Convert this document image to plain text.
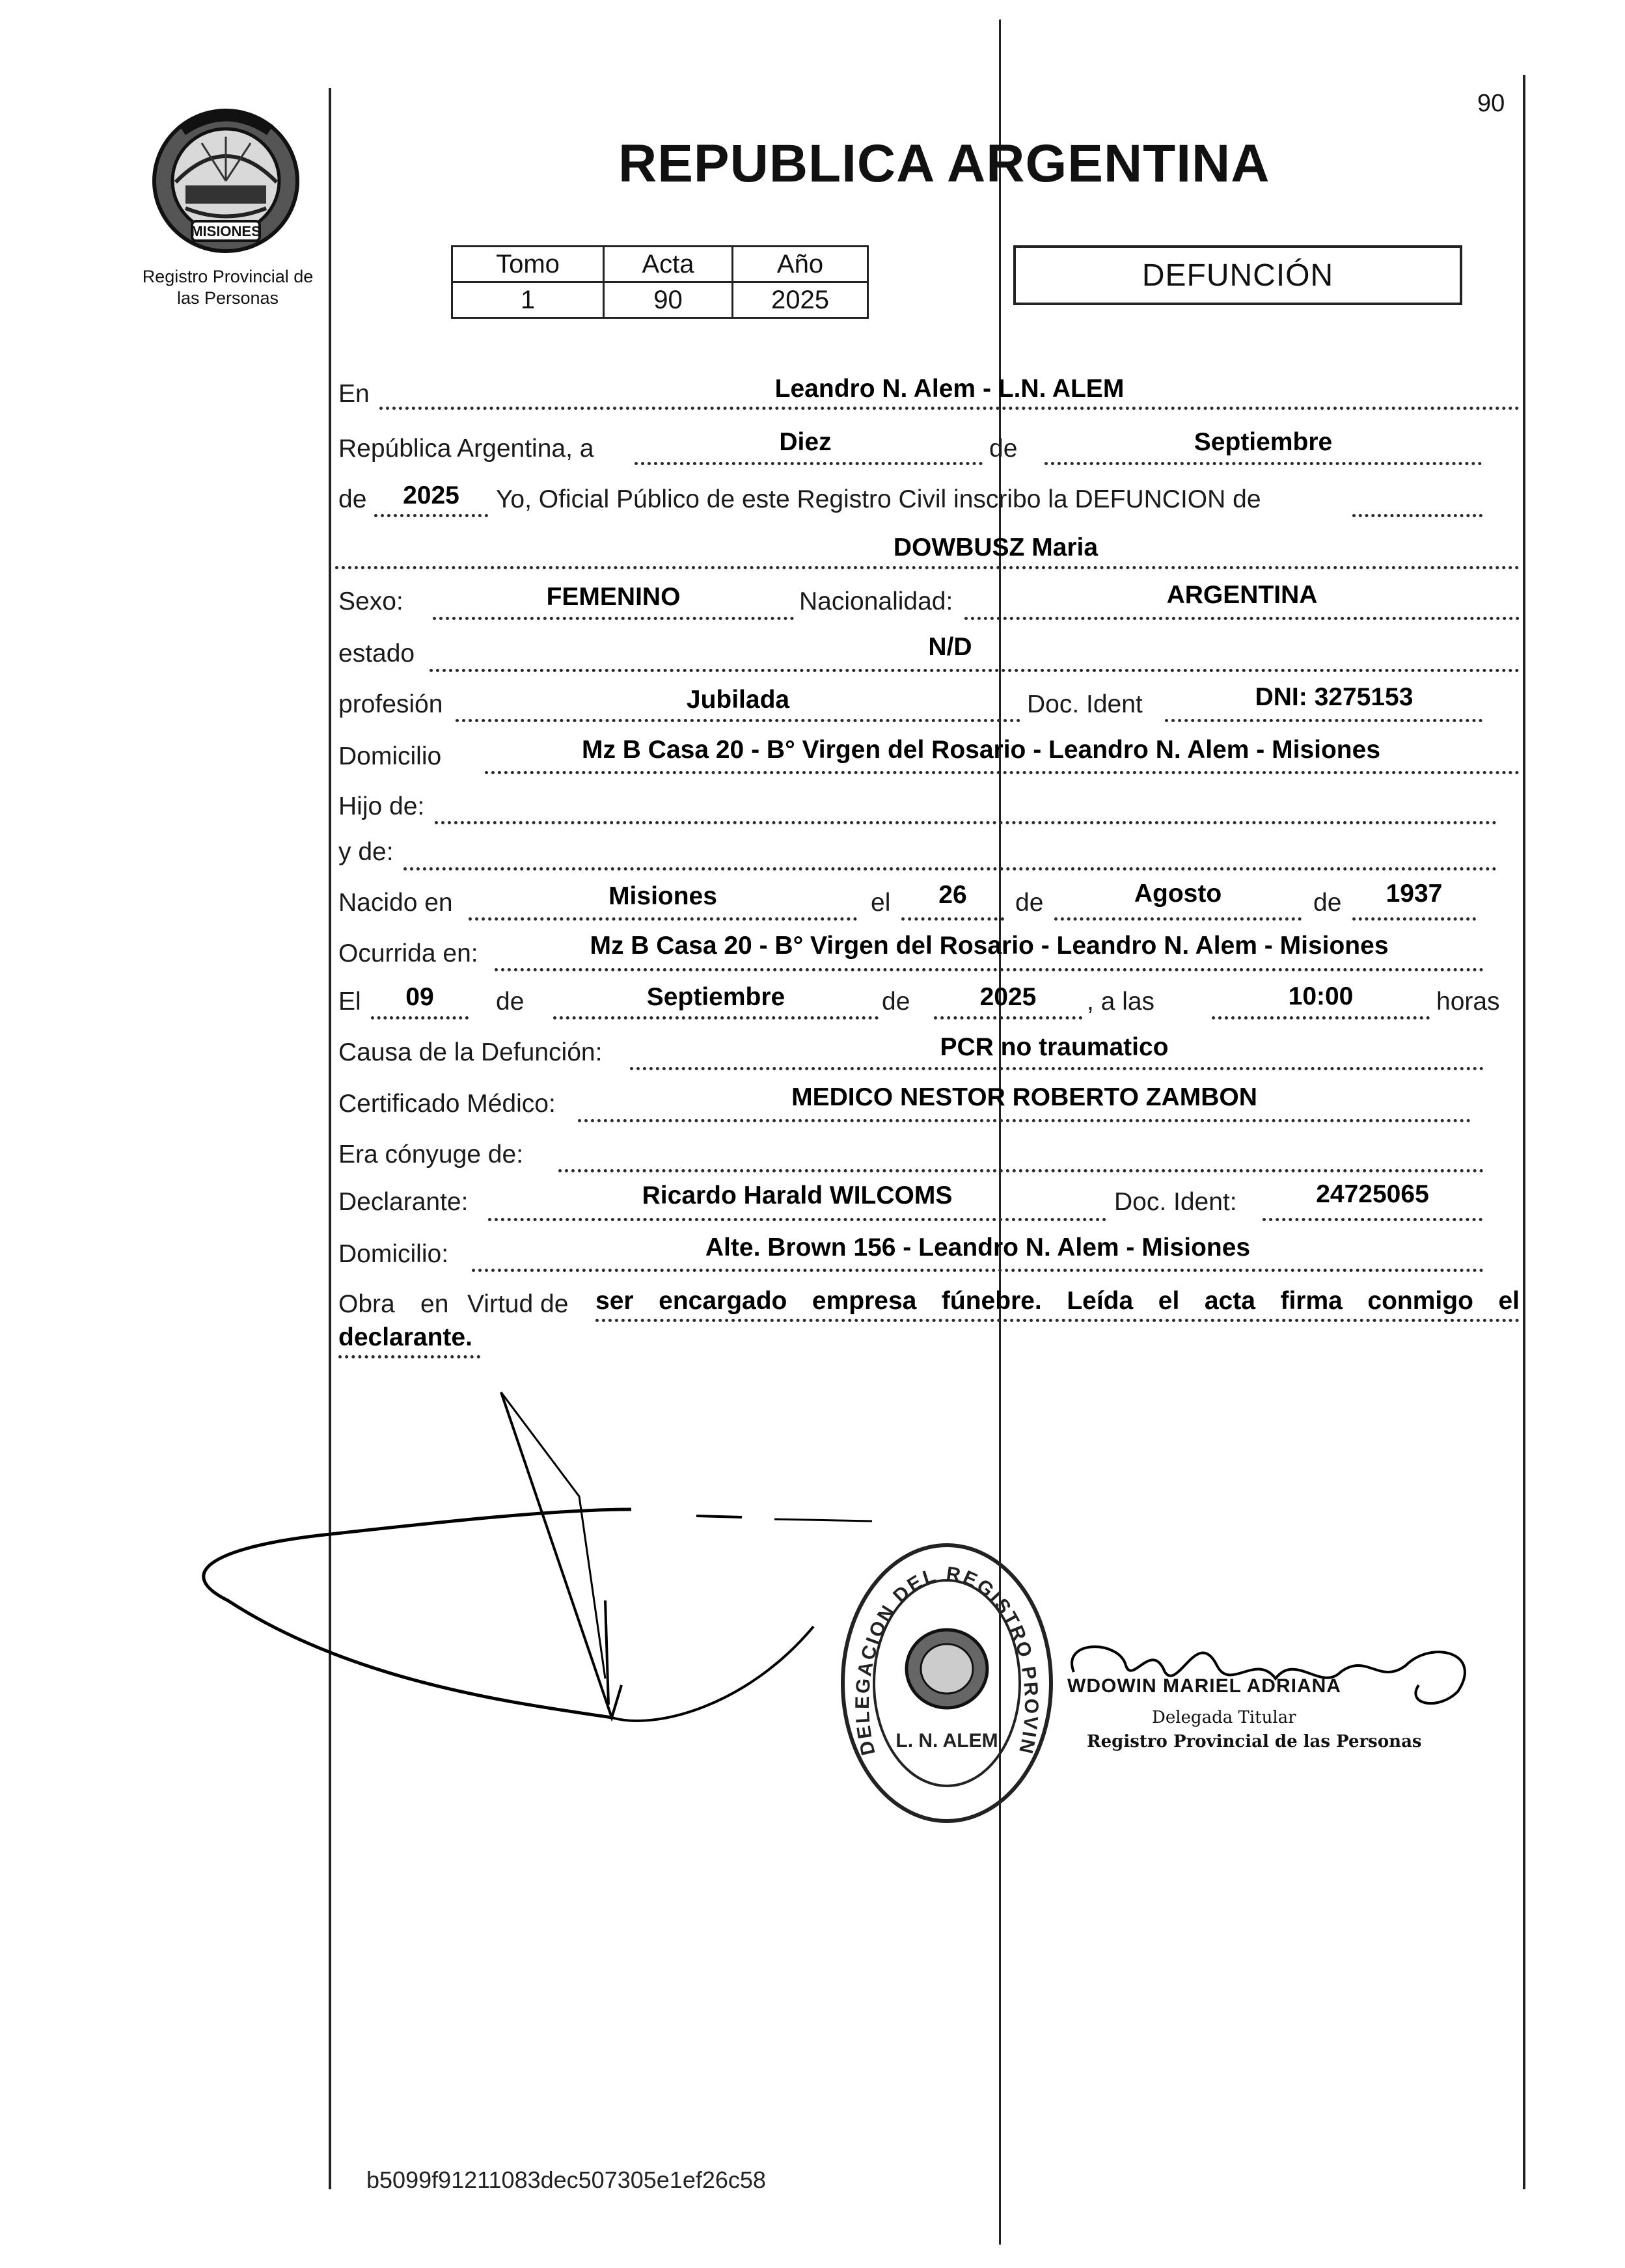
90
MISIONES
Registro Provincial de
las Personas
REPUBLICA ARGENTINA
Tomo	Acta	Año
1	90	2025
DEFUNCIÓN
En	Leandro N. Alem - L.N. ALEM
República Argentina, a	Diez	de	Septiembre
de	2025	Yo, Oficial Público de este Registro Civil inscribo la DEFUNCION de
DOWBUSZ Maria
Sexo:	FEMENINO	Nacionalidad:	ARGENTINA
estado	N/D
profesión	Jubilada	Doc. Ident	DNI: 3275153
Domicilio	Mz B Casa 20 - B° Virgen del Rosario - Leandro N. Alem - Misiones
Hijo de:
y de:
Nacido en	Misiones	el	26	de	Agosto	de	1937
Ocurrida en:	Mz B Casa 20 - B° Virgen del Rosario - Leandro N. Alem - Misiones
El	09	de	Septiembre	de	2025	, a las	10:00	horas
Causa de la Defunción:	PCR no traumatico
Certificado Médico:	MEDICO NESTOR ROBERTO ZAMBON
Era cónyuge de:
Declarante:	Ricardo Harald WILCOMS	Doc. Ident:	24725065
Domicilio:	Alte. Brown 156 - Leandro N. Alem - Misiones
Obra en Virtud de ser encargado empresa fúnebre. Leída el acta firma conmigo el
declarante.
DELEGACION DEL REGISTRO PROVIN
L. N. ALEM
WDOWIN MARIEL ADRIANA
Delegada Titular
Registro Provincial de las Personas
b5099f91211083dec507305e1ef26c58
